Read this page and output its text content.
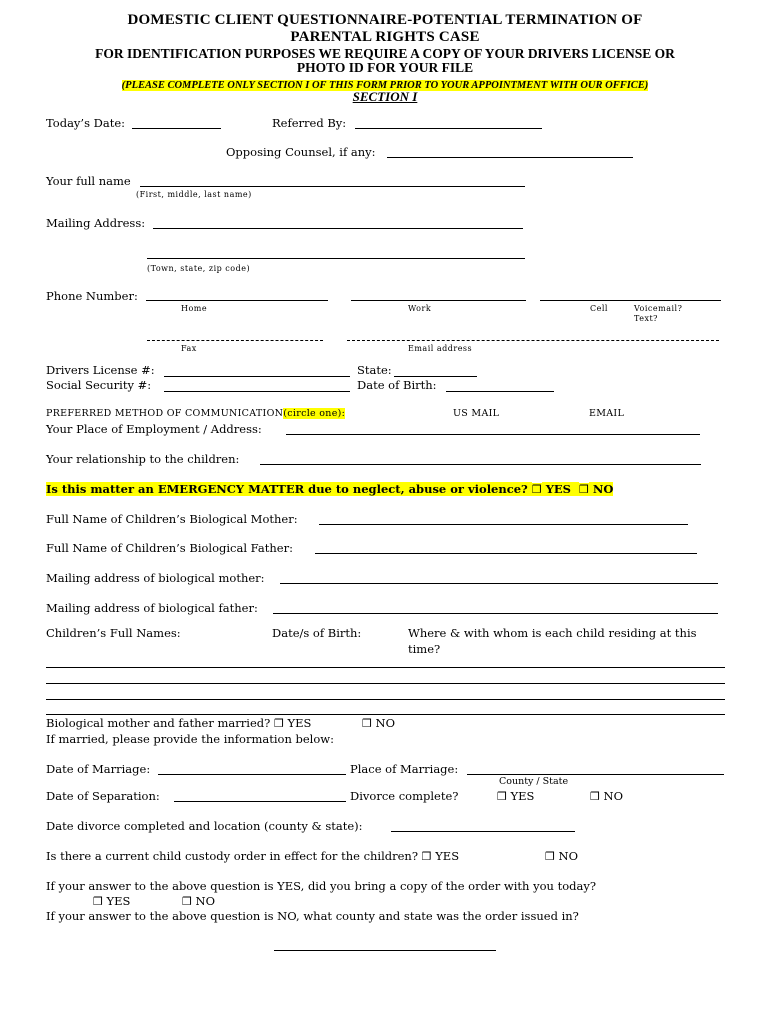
DOMESTIC CLIENT QUESTIONNAIRE-POTENTIAL TERMINATION OF
PARENTAL RIGHTS CASE
FOR IDENTIFICATION PURPOSES WE REQUIRE A COPY OF YOUR DRIVERS LICENSE OR
PHOTO ID FOR YOUR FILE
(PLEASE COMPLETE ONLY SECTION I OF THIS FORM PRIOR TO YOUR APPOINTMENT WITH OUR OFFICE)
SECTION I
Today’s Date:	Referred By:
Opposing Counsel, if any:
Your full name
(First, middle, last name)
Mailing Address:
(Town, state, zip code)
Phone Number:
Home	Work	Cell	Voicemail?
Text?
Fax	Email address
Drivers License #:	State:
Social Security #:	Date of Birth:
PREFERRED METHOD OF COMMUNICATION(circle one):	US MAIL	EMAIL
Your Place of Employment / Address:
Your relationship to the children:
Is this matter an EMERGENCY MATTER due to neglect, abuse or violence? ❒ YES ❒ NO
Full Name of Children’s Biological Mother:
Full Name of Children’s Biological Father:
Mailing address of biological mother:
Mailing address of biological father:
Children’s Full Names:	Date/s of Birth:	Where & with whom is each child residing at this
time?
Biological mother and father married? ❒ YES	❒ NO
If married, please provide the information below:
Date of Marriage:	Place of Marriage:
County / State
Date of Separation:	Divorce complete?	❒ YES	❒ NO
Date divorce completed and location (county & state):
Is there a current child custody order in effect for the children? ❒ YES	❒ NO
If your answer to the above question is YES, did you bring a copy of the order with you today?
❒ YES	❒ NO
If your answer to the above question is NO, what county and state was the order issued in?
